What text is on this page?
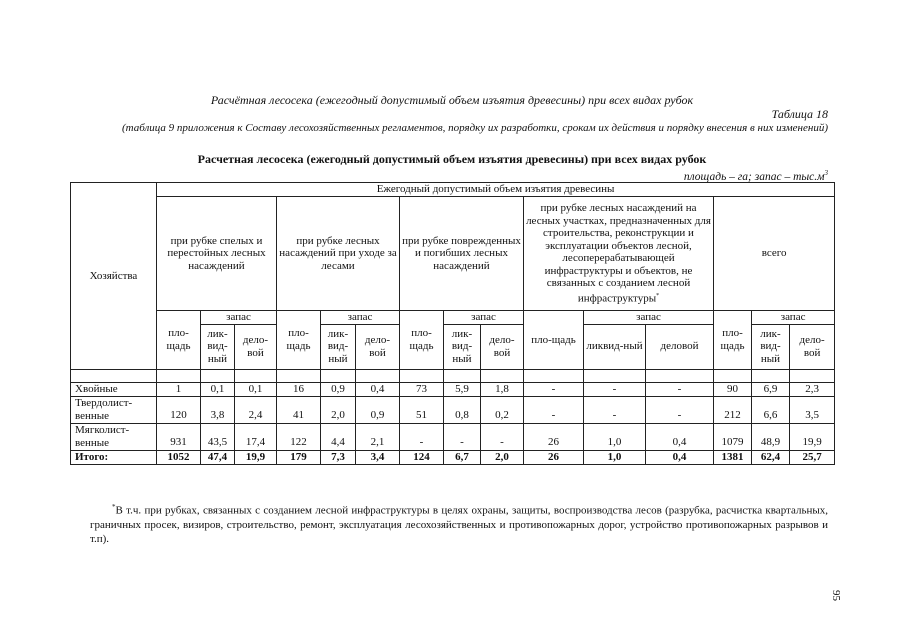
Расчётная лесосека (ежегодный допустимый объем изъятия древесины) при всех видах рубок
Таблица 18
(таблица 9 приложения к Составу лесохозяйственных регламентов, порядку их разработки, срокам их действия и порядку внесения в них изменений)
Расчетная лесосека (ежегодный допустимый объем изъятия древесины) при всех видах рубок
площадь – га; запас – $тыс.м^3$
Хозяйства	Ежегодный допустимый объем изъятия древесины														
	при рубке спелых и перестойных лесных насаждений			при рубке лесных насаждений при уходе за лесами			при рубке поврежденных и погибших лесных насаждений			при рубке лесных насаждений на лесных участках, предназначенных для строительства, реконструкции и эксплуатации объектов лесной, лесоперерабатывающей инфраструктуры и объектов, не связанных с созданием лесной инфраструктуры*			всего		
	пло-щадь	запас		пло-щадь	запас		пло-щадь	запас		пло-щадь	запас		пло-щадь	запас	
		лик-вид-ный	дело-вой		лик-вид-ный	дело-вой		лик-вид-ный	дело-вой		ликвид-ный	деловой		лик-вид-ный	дело-вой

Хвойные	1	0,1	0,1	16	0,9	0,4	73	5,9	1,8	-	-	-	90	6,9	2,3
Твердолист-
венные	120	3,8	2,4	41	2,0	0,9	51	0,8	0,2	-	-	-	212	6,6	3,5
Мягколист-
венные	931	43,5	17,4	122	4,4	2,1	-	-	-	26	1,0	0,4	1079	48,9	19,9
Итого:	1052	47,4	19,9	179	7,3	3,4	124	6,7	2,0	26	1,0	0,4	1381	62,4	25,7
*В т.ч. при рубках, связанных с созданием лесной инфраструктуры в целях охраны, защиты, воспроизводства лесов (разрубка, расчистка квартальных, граничных просек, визиров, строительство, ремонт, эксплуатация лесохозяйственных и противопожарных дорог, устройство противопожарных разрывов и т.п).
95
